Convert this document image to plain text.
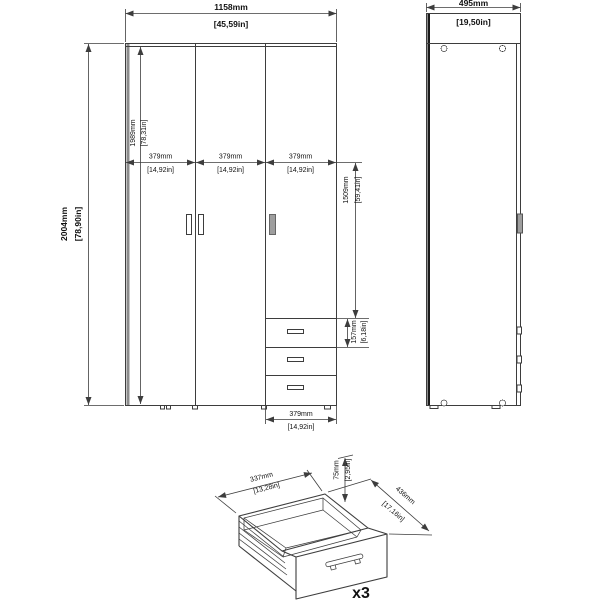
1158mm
[45,59in]
2004mm [78,90in]
1989mm [78,31in]
379mm
[14,92in]
379mm
[14,92in]
379mm
[14,92in]
1509mm [59,41in]
157mm [6,18in]
379mm
[14,92in]
495mm
[19,50in]
337mm
[13,28in]
75mm [2,95in]
436mm
[17,16in]
x3
